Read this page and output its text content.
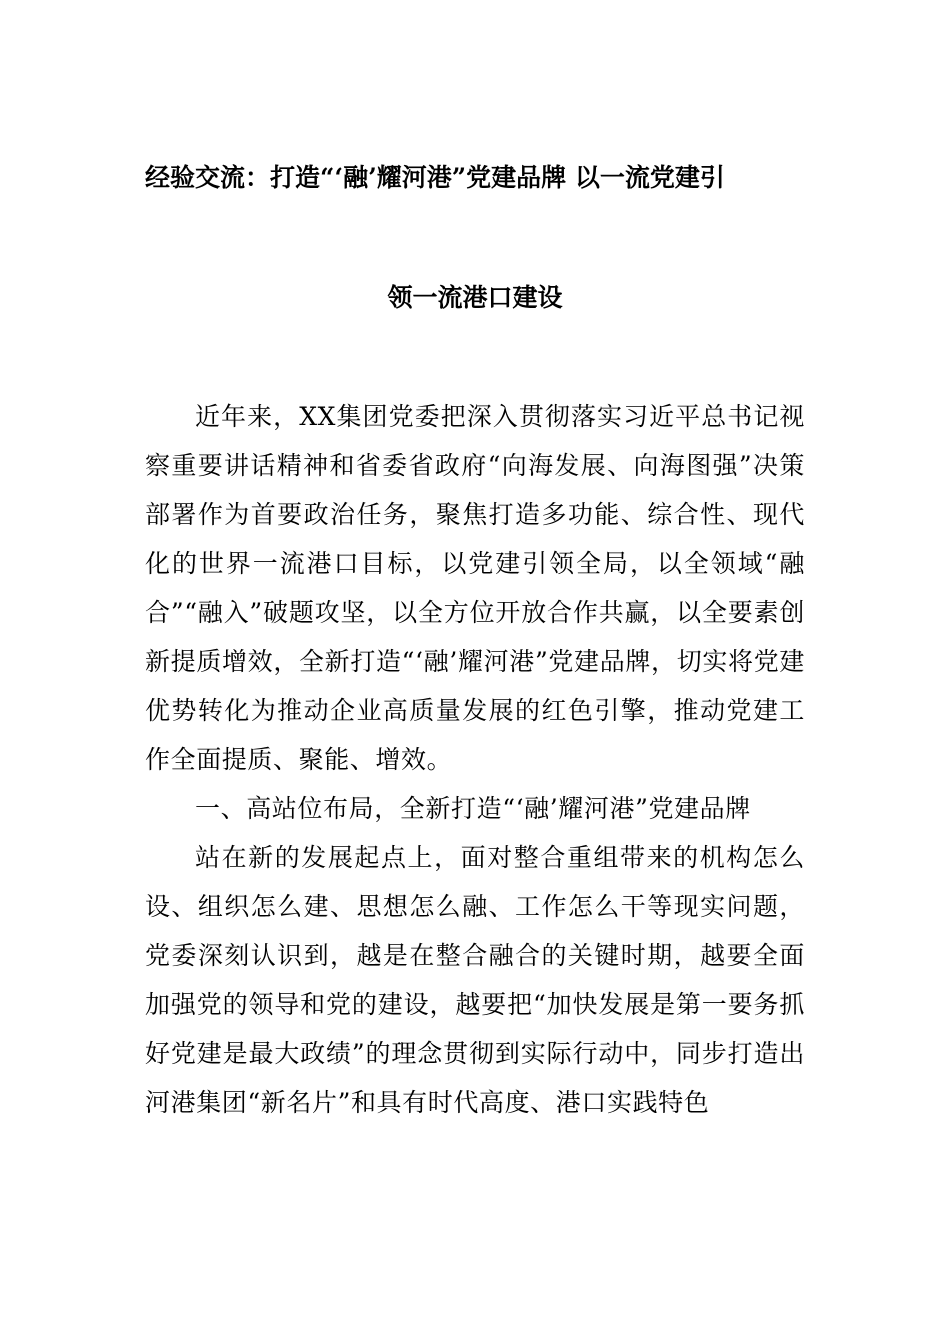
经验交流：打造“‘融’耀河港”党建品牌 以一流党建引
领一流港口建设

近年来，XX集团党委把深入贯彻落实习近平总书记视察重要讲话精神和省委省政府“向海发展、向海图强”决策部署作为首要政治任务，聚焦打造多功能、综合性、现代化的世界一流港口目标，以党建引领全局，以全领域“融合”“融入”破题攻坚，以全方位开放合作共赢，以全要素创新提质增效，全新打造“‘融’耀河港”党建品牌，切实将党建优势转化为推动企业高质量发展的红色引擎，推动党建工作全面提质、聚能、增效。

一、高站位布局，全新打造“‘融’耀河港”党建品牌

站在新的发展起点上，面对整合重组带来的机构怎么设、组织怎么建、思想怎么融、工作怎么干等现实问题，党委深刻认识到，越是在整合融合的关键时期，越要全面加强党的领导和党的建设，越要把“加快发展是第一要务抓好党建是最大政绩”的理念贯彻到实际行动中，同步打造出河港集团“新名片”和具有时代高度、港口实践特色
